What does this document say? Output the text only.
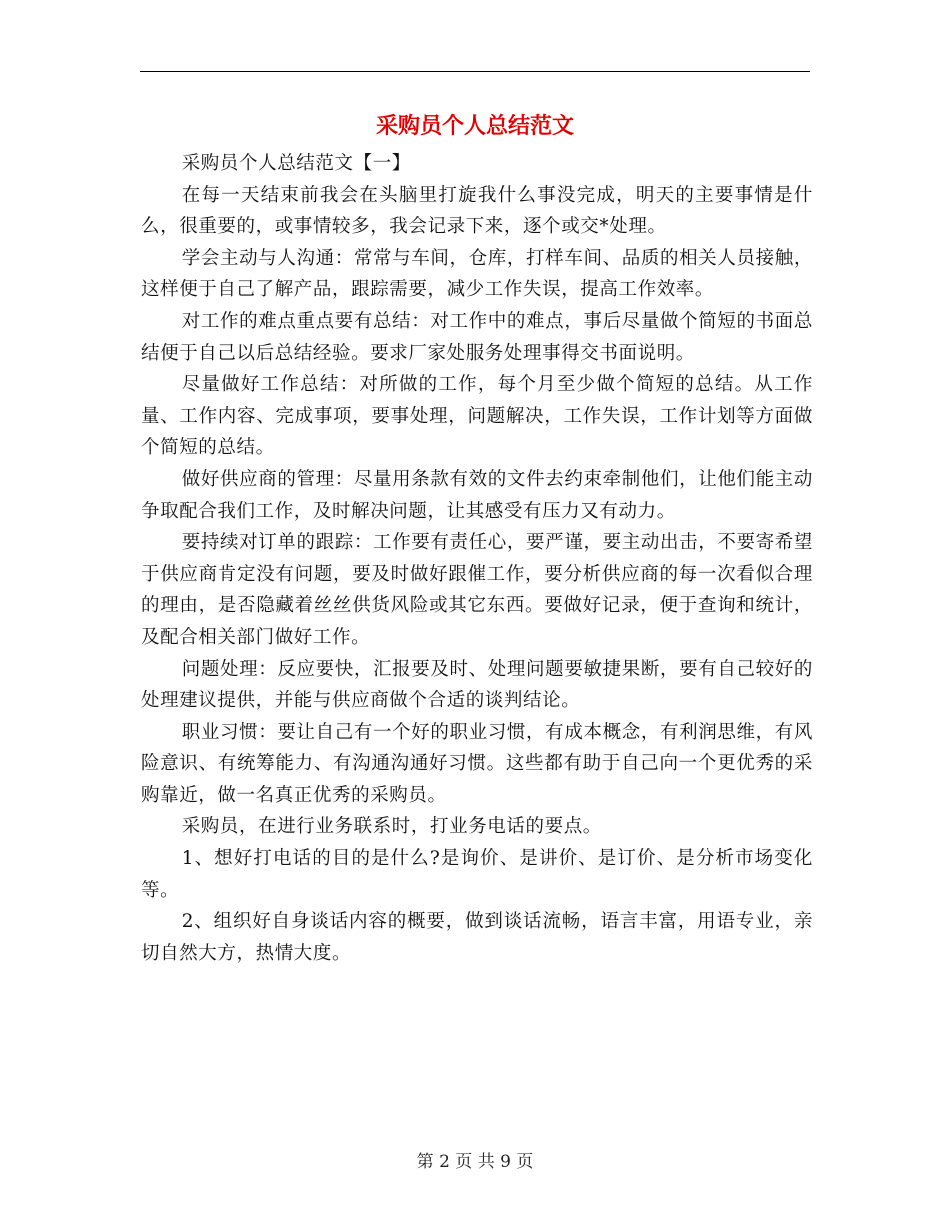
采购员个人总结范文

采购员个人总结范文【一】

在每一天结束前我会在头脑里打旋我什么事没完成，明天的主要事情是什么，很重要的，或事情较多，我会记录下来，逐个或交*处理。

学会主动与人沟通：常常与车间，仓库，打样车间、品质的相关人员接触，这样便于自己了解产品，跟踪需要，减少工作失误，提高工作效率。

对工作的难点重点要有总结：对工作中的难点，事后尽量做个简短的书面总结便于自己以后总结经验。要求厂家处服务处理事得交书面说明。

尽量做好工作总结：对所做的工作，每个月至少做个简短的总结。从工作量、工作内容、完成事项，要事处理，问题解决，工作失误，工作计划等方面做个简短的总结。

做好供应商的管理：尽量用条款有效的文件去约束牵制他们，让他们能主动争取配合我们工作，及时解决问题，让其感受有压力又有动力。

要持续对订单的跟踪：工作要有责任心，要严谨，要主动出击，不要寄希望于供应商肯定没有问题，要及时做好跟催工作，要分析供应商的每一次看似合理的理由，是否隐藏着丝丝供货风险或其它东西。要做好记录，便于查询和统计，及配合相关部门做好工作。

问题处理：反应要快，汇报要及时、处理问题要敏捷果断，要有自己较好的处理建议提供，并能与供应商做个合适的谈判结论。

职业习惯：要让自己有一个好的职业习惯，有成本概念，有利润思维，有风险意识、有统筹能力、有沟通沟通好习惯。这些都有助于自己向一个更优秀的采购靠近，做一名真正优秀的采购员。

采购员，在进行业务联系时，打业务电话的要点。

1、想好打电话的目的是什么?是询价、是讲价、是订价、是分析市场变化等。

2、组织好自身谈话内容的概要，做到谈话流畅，语言丰富，用语专业，亲切自然大方，热情大度。

第 2 页 共 9 页
